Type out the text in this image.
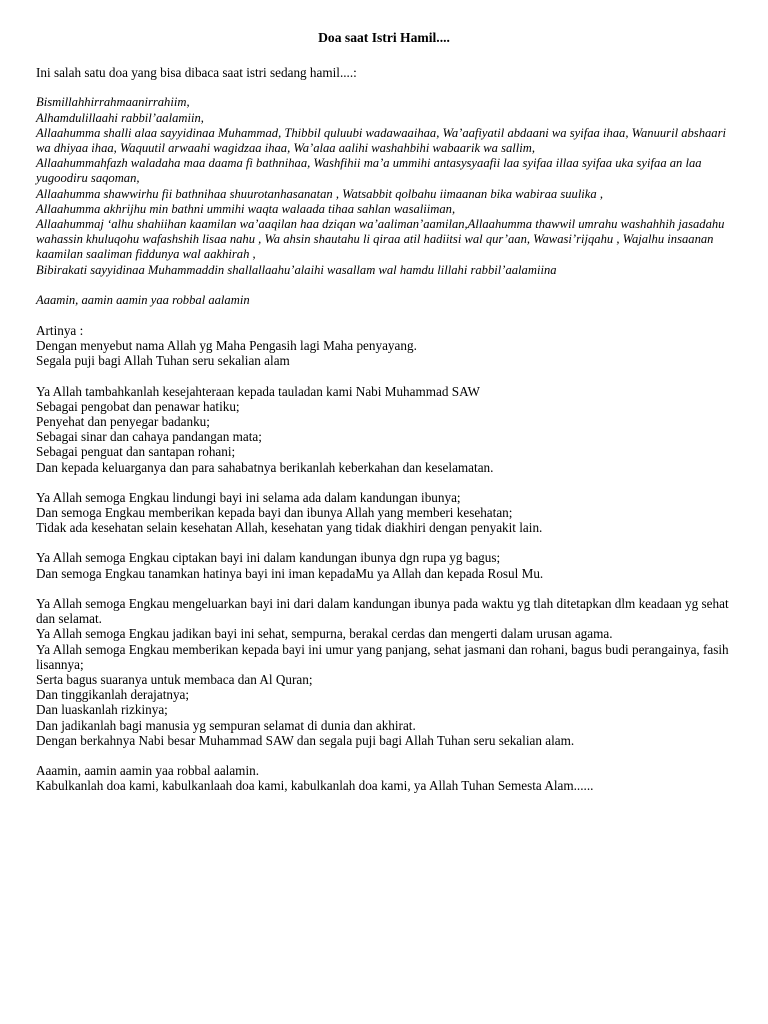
Doa saat Istri Hamil....
Ini salah satu doa yang bisa dibaca saat istri sedang hamil....:
Bismillahhirrahmaanirrahiim,
Alhamdulillaahi rabbil’aalamiin,
Allaahumma shalli alaa sayyidinaa Muhammad, Thibbil quluubi wadawaaihaa, Wa’aafiyatil abdaani wa syifaa ihaa, Wanuuril abshaari wa dhiyaa ihaa, Waquutil arwaahi wagidzaa ihaa, Wa’alaa aalihi washahbihi wabaarik wa sallim,
Allaahummahfazh waladaha maa daama fi bathnihaa, Washfihii ma’a ummihi antasysyaafii laa syifaa illaa syifaa uka syifaa an laa yugoodiru saqoman,
Allaahumma shawwirhu fii bathnihaa shuurotanhasanatan , Watsabbit qolbahu iimaanan bika wabiraa suulika ,
Allaahumma akhrijhu min bathni ummihi waqta walaada tihaa sahlan wasaliiman,
Allaahummaj ‘alhu shahiihan kaamilan wa’aaqilan haa dziqan wa’aaliman’aamilan,Allaahumma thawwil umrahu washahhih jasadahu wahassin khuluqohu wafashshih lisaa nahu , Wa ahsin shautahu li qiraa atil hadiitsi wal qur’aan, Wawasi’rijqahu , Wajalhu insaanan kaamilan saaliman fiddunya wal aakhirah ,
Bibirakati sayyidinaa Muhammaddin shallallaahu’alaihi wasallam wal hamdu lillahi rabbil’aalamiina
Aaamin, aamin aamin yaa robbal aalamin
Artinya :
Dengan menyebut nama Allah yg Maha Pengasih lagi Maha penyayang.
Segala puji bagi Allah Tuhan seru sekalian alam
Ya Allah tambahkanlah kesejahteraan kepada tauladan kami Nabi Muhammad SAW
Sebagai pengobat dan penawar hatiku;
Penyehat dan penyegar badanku;
Sebagai sinar dan cahaya pandangan mata;
Sebagai penguat dan santapan rohani;
Dan kepada keluarganya dan para sahabatnya berikanlah keberkahan dan keselamatan.
Ya Allah semoga Engkau lindungi bayi ini selama ada dalam kandungan ibunya;
Dan semoga Engkau memberikan kepada bayi dan ibunya Allah yang memberi kesehatan;
Tidak ada kesehatan selain kesehatan Allah, kesehatan yang tidak diakhiri dengan penyakit lain.
Ya Allah semoga Engkau ciptakan bayi ini dalam kandungan ibunya dgn rupa yg bagus;
Dan semoga Engkau tanamkan hatinya bayi ini iman kepadaMu ya Allah dan kepada Rosul Mu.
Ya Allah semoga Engkau mengeluarkan bayi ini dari dalam kandungan ibunya pada waktu yg tlah ditetapkan dlm keadaan yg sehat dan selamat.
Ya Allah semoga Engkau jadikan bayi ini sehat, sempurna, berakal cerdas dan mengerti dalam urusan agama.
Ya Allah semoga Engkau memberikan kepada bayi ini umur yang panjang, sehat jasmani dan rohani, bagus budi perangainya, fasih lisannya;
Serta bagus suaranya untuk membaca dan Al Quran;
Dan tinggikanlah derajatnya;
Dan luaskanlah rizkinya;
Dan jadikanlah bagi manusia yg sempuran selamat di dunia dan akhirat.
Dengan berkahnya Nabi besar Muhammad SAW dan segala puji bagi Allah Tuhan seru sekalian alam.
Aaamin, aamin aamin yaa robbal aalamin.
Kabulkanlah doa kami, kabulkanlaah doa kami, kabulkanlah doa kami, ya Allah Tuhan Semesta Alam......
